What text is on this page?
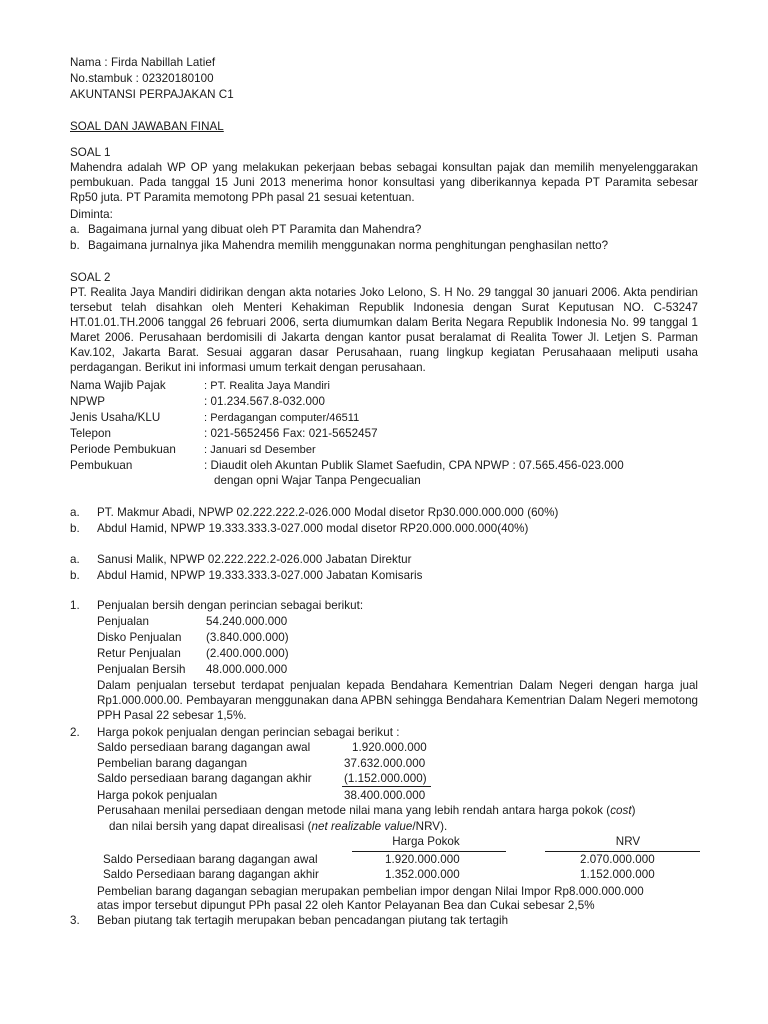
Nama : Firda Nabillah Latief
No.stambuk : 02320180100
AKUNTANSI PERPAJAKAN C1
SOAL DAN JAWABAN FINAL
SOAL 1
Mahendra adalah WP OP yang melakukan pekerjaan bebas sebagai konsultan pajak dan memilih menyelenggarakan pembukuan. Pada tanggal 15 Juni 2013 menerima honor konsultasi yang diberikannya kepada PT Paramita sebesar Rp50 juta. PT Paramita memotong PPh pasal 21 sesuai ketentuan.
Diminta:
a. Bagaimana jurnal yang dibuat oleh PT Paramita dan Mahendra?
b. Bagaimana jurnalnya jika Mahendra memilih menggunakan norma penghitungan penghasilan netto?
SOAL 2
PT. Realita Jaya Mandiri didirikan dengan akta notaries Joko Lelono, S. H No. 29 tanggal 30 januari 2006. Akta pendirian tersebut telah disahkan oleh Menteri Kehakiman Republik Indonesia dengan Surat Keputusan NO. C-53247 HT.01.01.TH.2006 tanggal 26 februari 2006, serta diumumkan dalam Berita Negara Republik Indonesia No. 99 tanggal 1 Maret 2006. Perusahaan berdomisili di Jakarta dengan kantor pusat beralamat di Realita Tower Jl. Letjen S. Parman Kav.102, Jakarta Barat. Sesuai aggaran dasar Perusahaan, ruang lingkup kegiatan Perusahaaan meliputi usaha perdagangan. Berikut ini informasi umum terkait dengan perusahaan.
Nama Wajib Pajak	: PT. Realita Jaya Mandiri
NPWP	: 01.234.567.8-032.000
Jenis Usaha/KLU	: Perdagangan computer/46511
Telepon	: 021-5652456 Fax: 021-5652457
Periode Pembukuan	: Januari sd Desember
Pembukuan	: Diaudit oleh Akuntan Publik Slamet Saefudin, CPA NPWP : 07.565.456-023.000
dengan opni Wajar Tanpa Pengecualian
a. PT. Makmur Abadi, NPWP 02.222.222.2-026.000 Modal disetor Rp30.000.000.000 (60%)
b. Abdul Hamid, NPWP 19.333.333.3-027.000 modal disetor RP20.000.000.000(40%)
a. Sanusi Malik, NPWP 02.222.222.2-026.000 Jabatan Direktur
b. Abdul Hamid, NPWP 19.333.333.3-027.000 Jabatan Komisaris
1. Penjualan bersih dengan perincian sebagai berikut:
Penjualan	54.240.000.000
Disko Penjualan (3.840.000.000)
Retur Penjualan (2.400.000.000)
Penjualan Bersih 48.000.000.000
Dalam penjualan tersebut terdapat penjualan kepada Bendahara Kementrian Dalam Negeri dengan harga jual Rp1.000.000.00. Pembayaran menggunakan dana APBN sehingga Bendahara Kementrian Dalam Negeri memotong PPH Pasal 22 sebesar 1,5%.
2. Harga pokok penjualan dengan perincian sebagai berikut :
Saldo persediaan barang dagangan awal	1.920.000.000
Pembelian barang dagangan	37.632.000.000
Saldo persediaan barang dagangan akhir	(1.152.000.000)
Harga pokok penjualan	38.400.000.000
Perusahaan menilai persediaan dengan metode nilai mana yang lebih rendah antara harga pokok (cost)
dan nilai bersih yang dapat direalisasi (net realizable value/NRV).
Harga Pokok	NRV
Saldo Persediaan barang dagangan awal	1.920.000.000	2.070.000.000
Saldo Persediaan barang dagangan akhir	1.352.000.000	1.152.000.000
Pembelian barang dagangan sebagian merupakan pembelian impor dengan Nilai Impor Rp8.000.000.000
atas impor tersebut dipungut PPh pasal 22 oleh Kantor Pelayanan Bea dan Cukai sebesar 2,5%
3. Beban piutang tak tertagih merupakan beban pencadangan piutang tak tertagih
